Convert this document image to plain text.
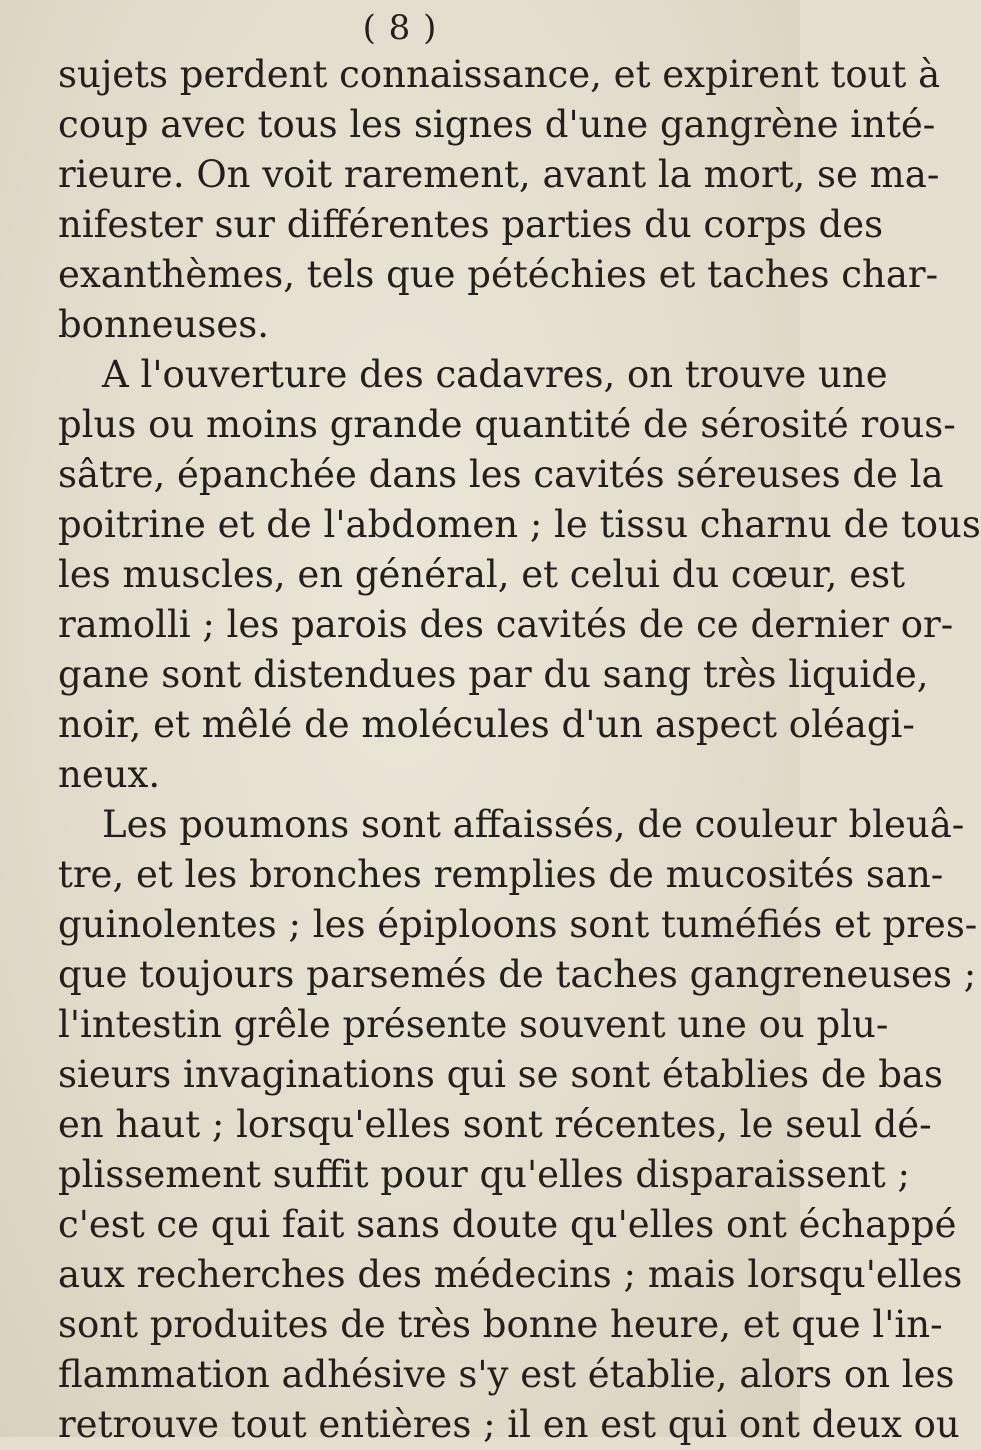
( 8 )
sujets perdent connaissance, et expirent tout à
coup avec tous les signes d'une gangrène inté-
rieure. On voit rarement, avant la mort, se ma-
nifester sur différentes parties du corps des
exanthèmes, tels que pétéchies et taches char-
bonneuses.
A l'ouverture des cadavres, on trouve une
plus ou moins grande quantité de sérosité rous-
sâtre, épanchée dans les cavités séreuses de la
poitrine et de l'abdomen ; le tissu charnu de tous
les muscles, en général, et celui du cœur, est
ramolli ; les parois des cavités de ce dernier or-
gane sont distendues par du sang très liquide,
noir, et mêlé de molécules d'un aspect oléagi-
neux.
Les poumons sont affaissés, de couleur bleuâ-
tre, et les bronches remplies de mucosités san-
guinolentes ; les épiploons sont tuméfiés et pres-
que toujours parsemés de taches gangreneuses ;
l'intestin grêle présente souvent une ou plu-
sieurs invaginations qui se sont établies de bas
en haut ; lorsqu'elles sont récentes, le seul dé-
plissement suffit pour qu'elles disparaissent ;
c'est ce qui fait sans doute qu'elles ont échappé
aux recherches des médecins ; mais lorsqu'elles
sont produites de très bonne heure, et que l'in-
flammation adhésive s'y est établie, alors on les
retrouve tout entières ; il en est qui ont deux ou
